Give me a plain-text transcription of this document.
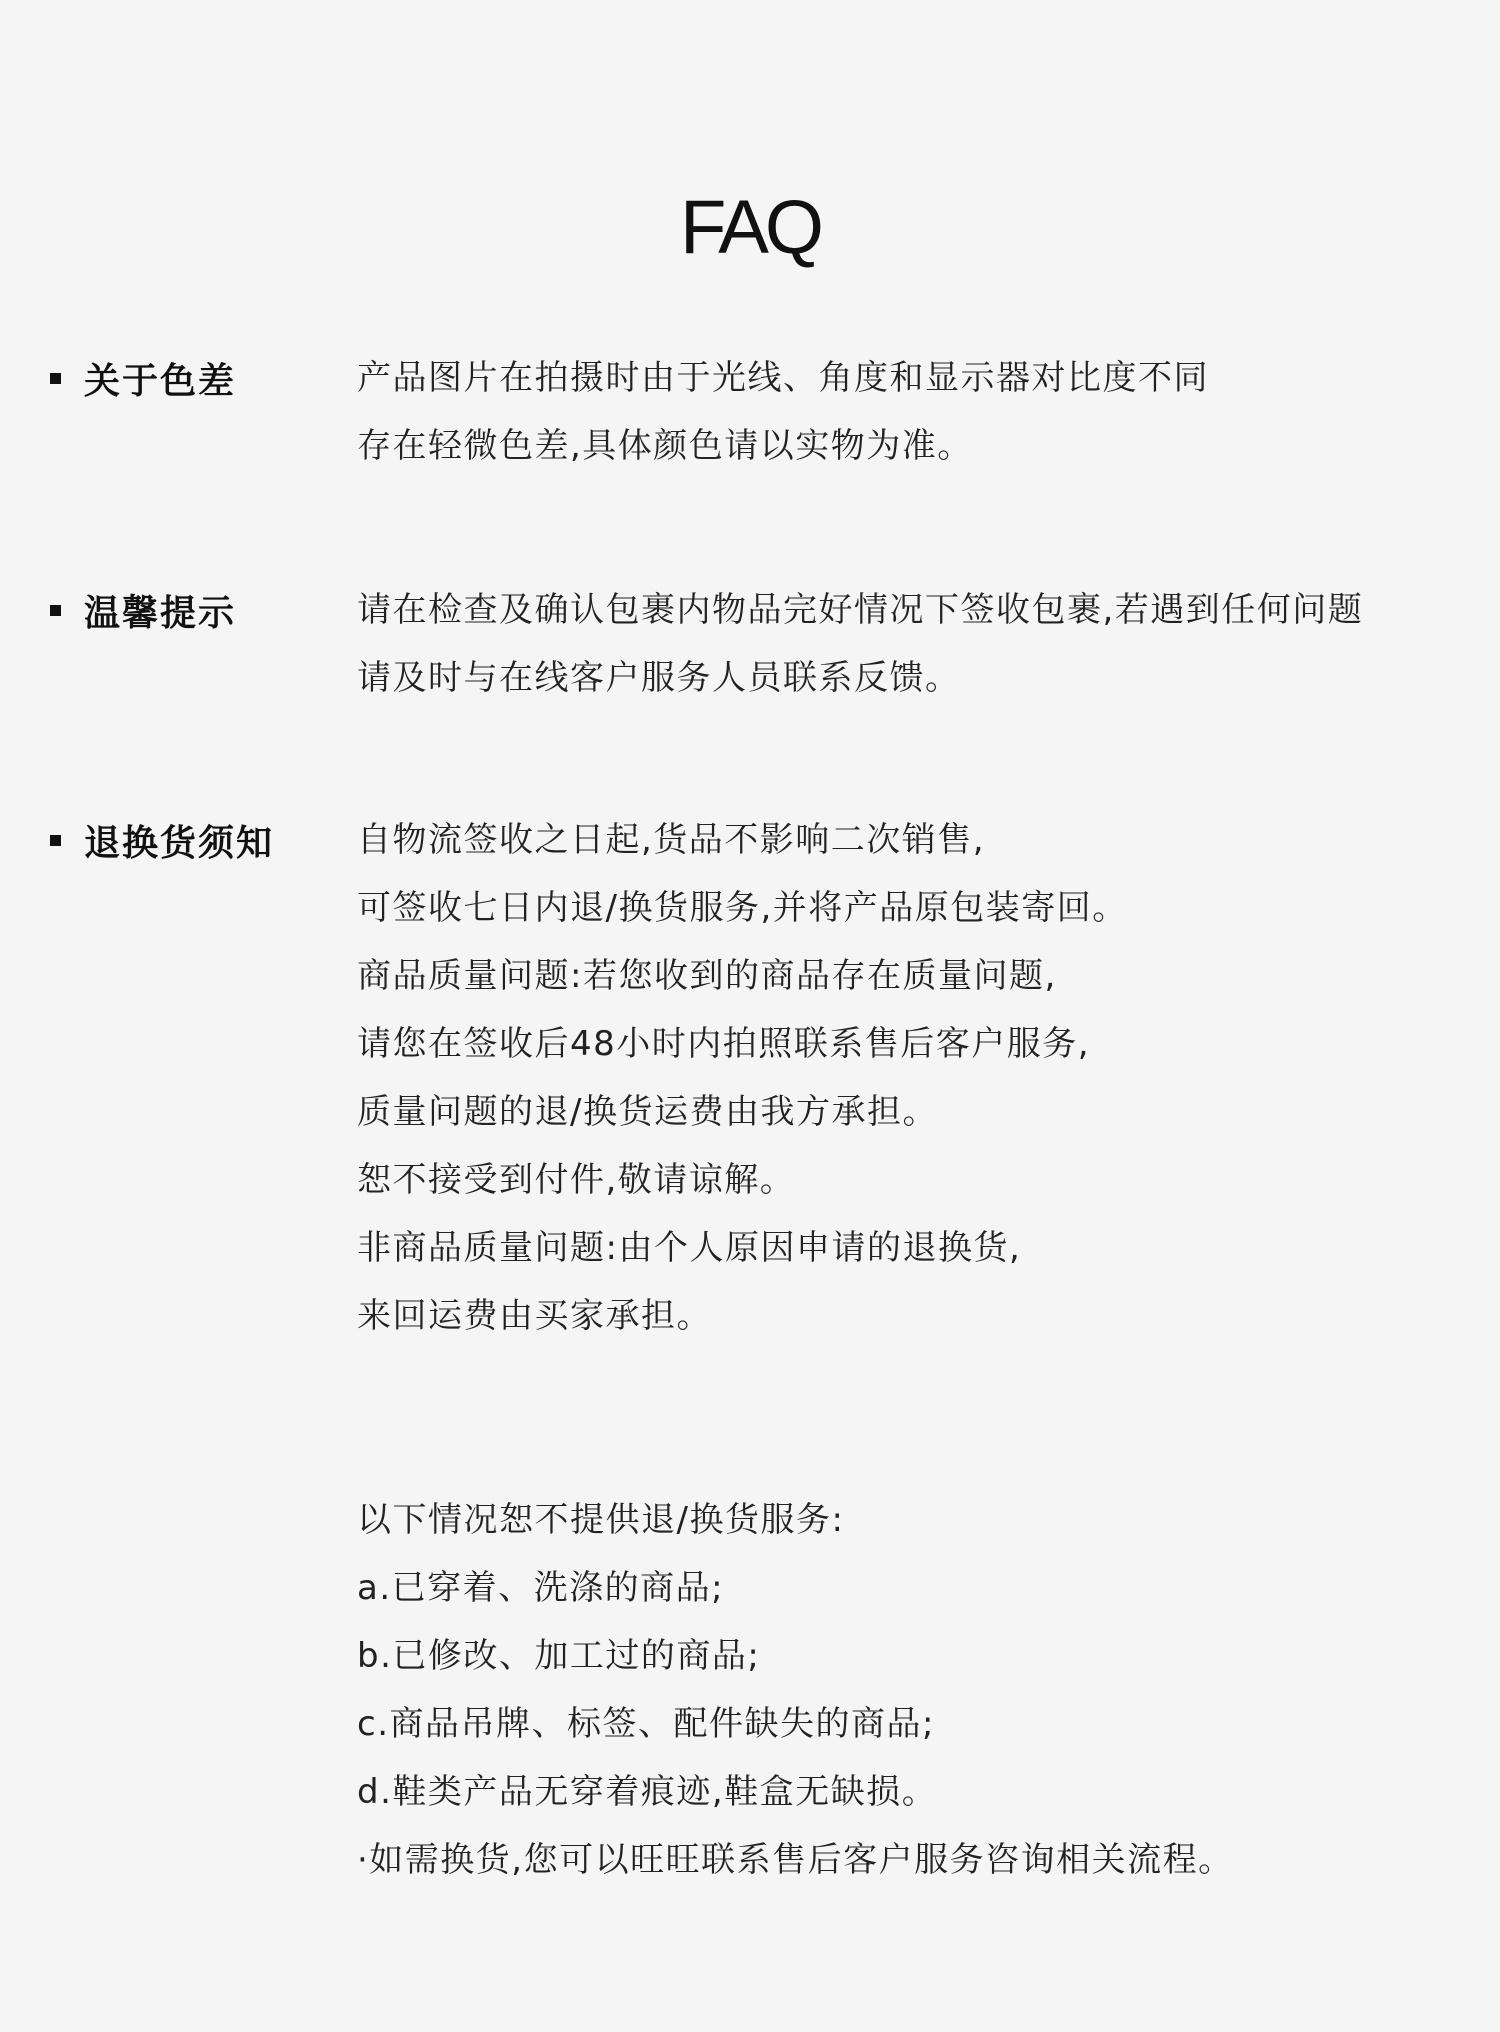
FAQ
关于色差	产品图片在拍摄时由于光线、角度和显示器对比度不同
存在轻微色差,具体颜色请以实物为准。
温馨提示	请在检查及确认包裹内物品完好情况下签收包裹,若遇到任何问题
请及时与在线客户服务人员联系反馈。
退换货须知 自物流签收之日起,货品不影响二次销售,
可签收七日内退/换货服务,并将产品原包装寄回。
商品质量问题:若您收到的商品存在质量问题,
请您在签收后48小时内拍照联系售后客户服务,
质量问题的退/换货运费由我方承担。
恕不接受到付件,敬请谅解。
非商品质量问题:由个人原因申请的退换货,
来回运费由买家承担。
以下情况恕不提供退/换货服务:
a.已穿着、洗涤的商品;
b.已修改、加工过的商品;
c.商品吊牌、标签、配件缺失的商品;
d.鞋类产品无穿着痕迹,鞋盒无缺损。
·如需换货,您可以旺旺联系售后客户服务咨询相关流程。
